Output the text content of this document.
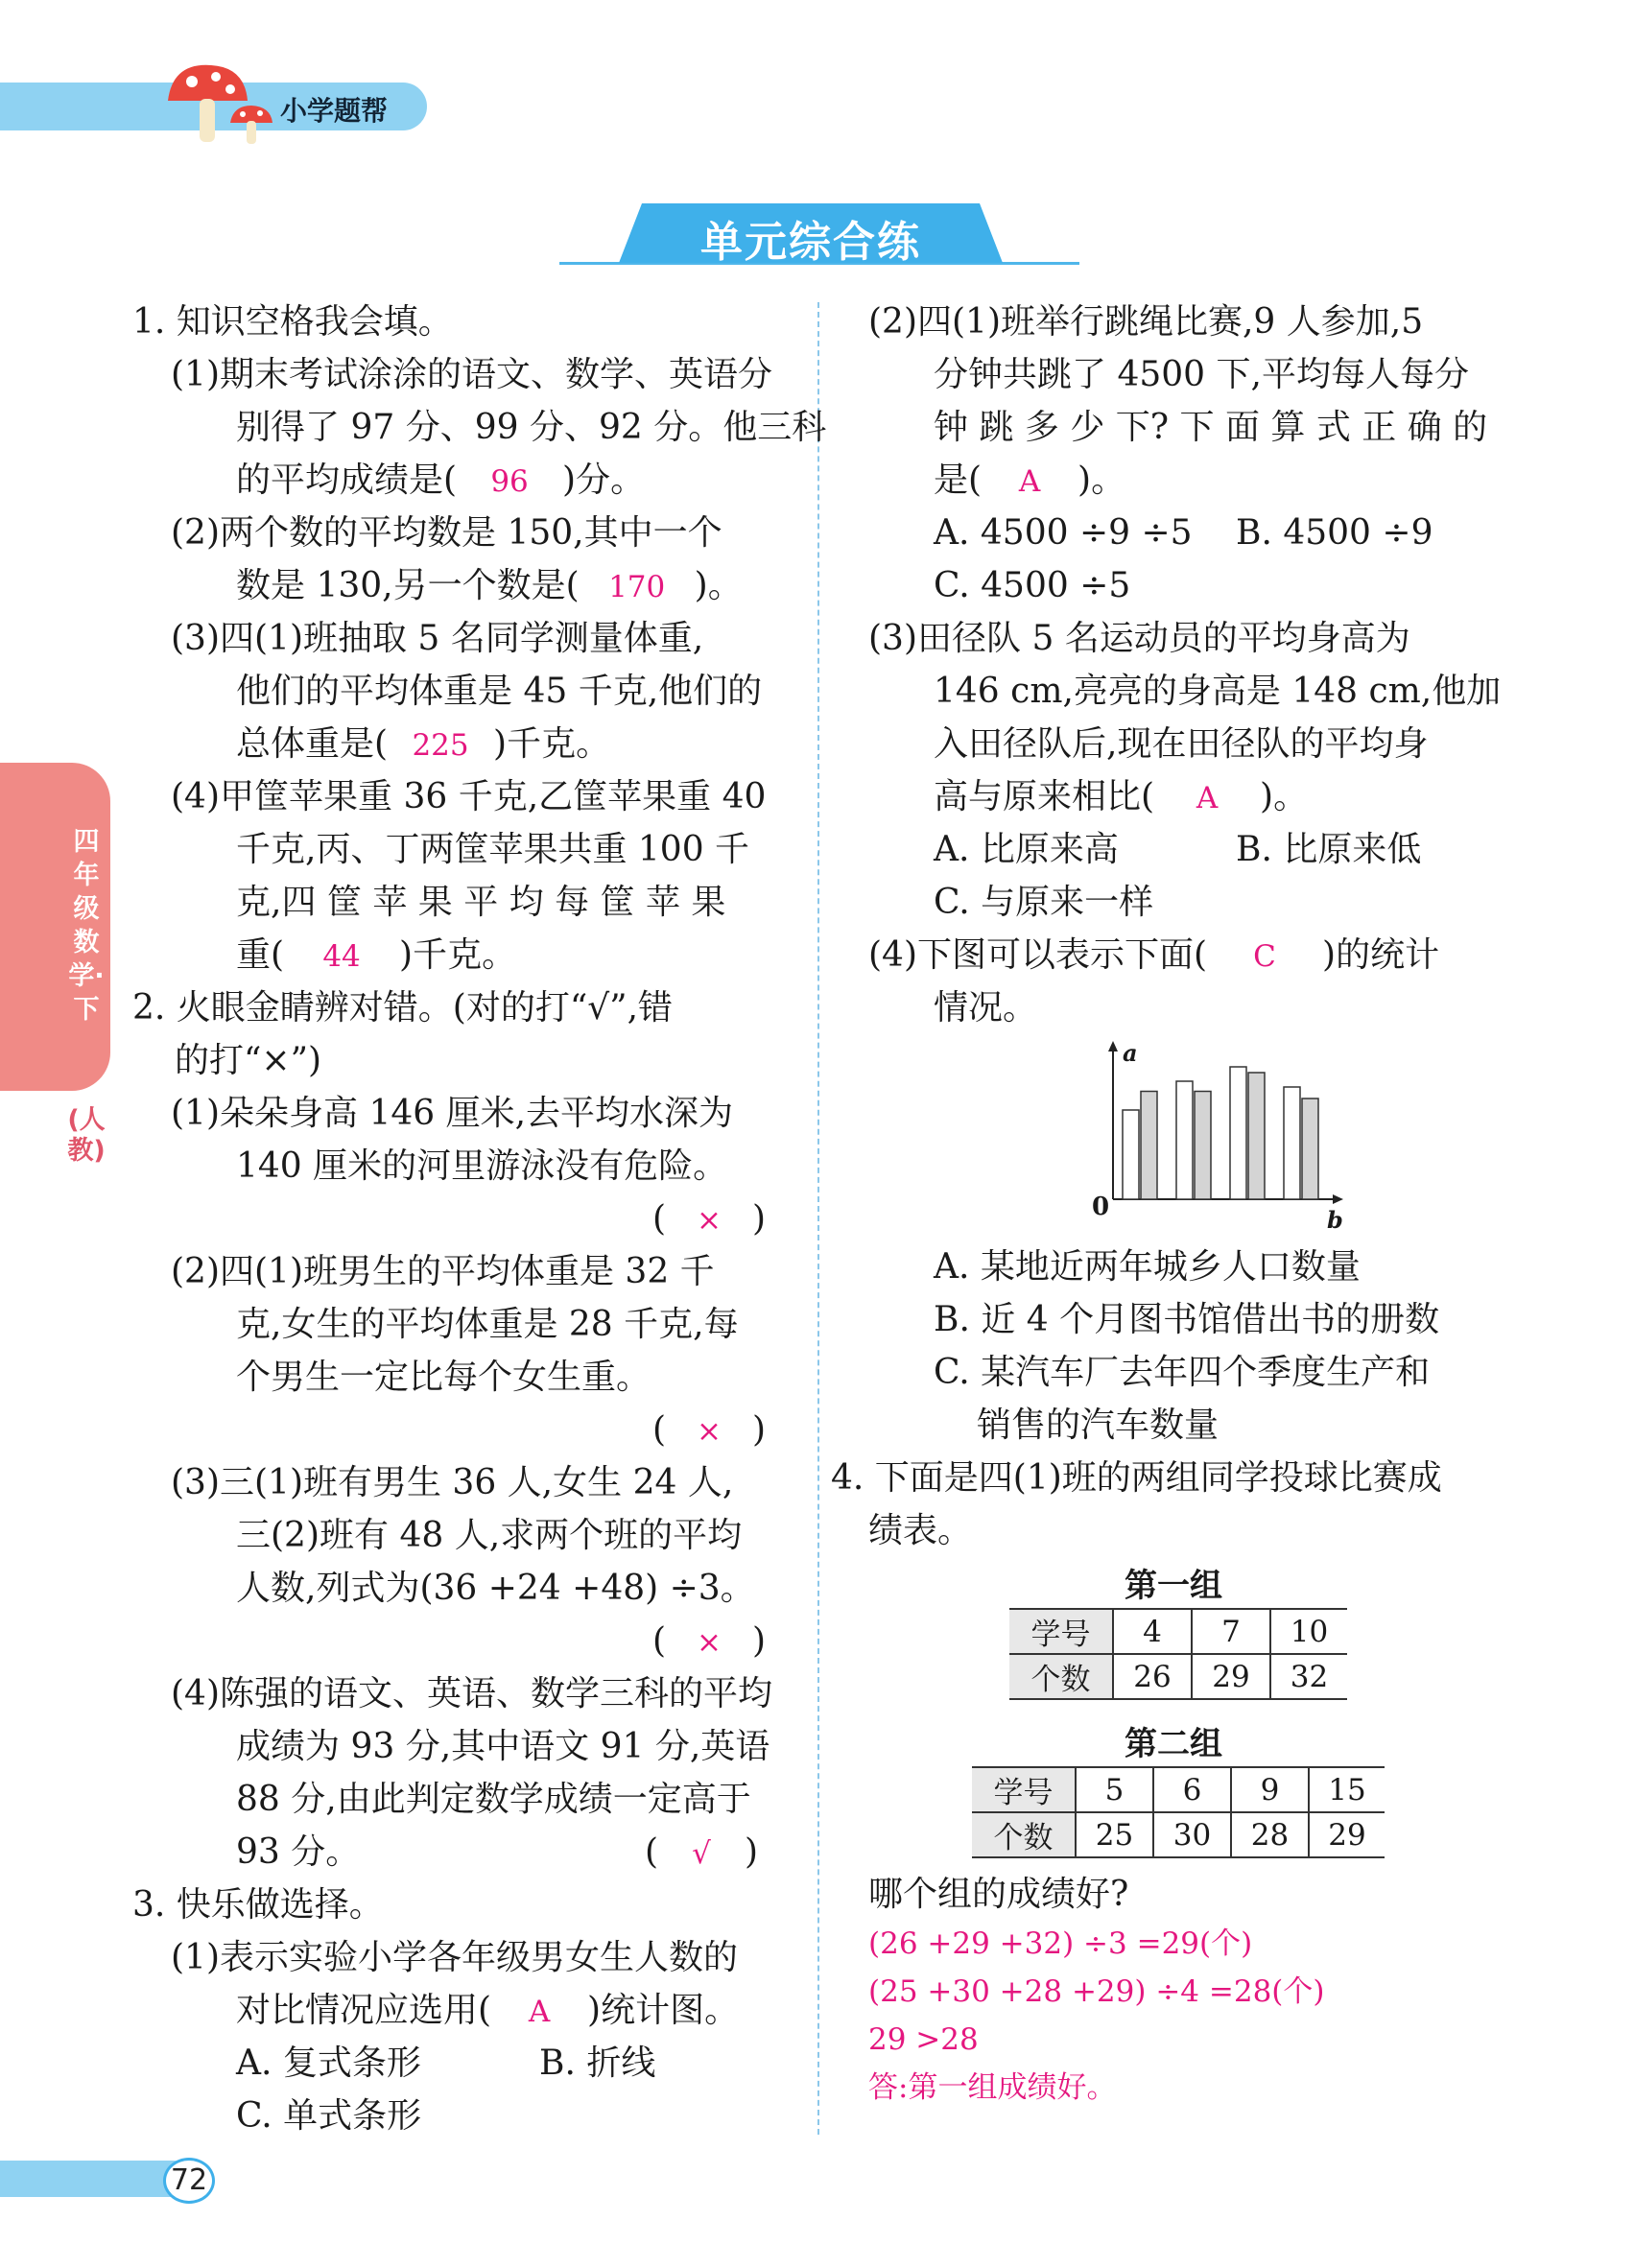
小学题帮
单元综合练
四年级数学·下
(人教)
1. 知识空格我会填。
(1)期末考试涂涂的语文、数学、英语分
别得了 97 分、99 分、92 分。他三科
的平均成绩是( 96 )分。
(2)两个数的平均数是 150,其中一个
数是 130,另一个数是( 170 )。
(3)四(1)班抽取 5 名同学测量体重,
他们的平均体重是 45 千克,他们的
总体重是( 225 )千克。
(4)甲筐苹果重 36 千克,乙筐苹果重 40
千克,丙、丁两筐苹果共重 100 千
克,四 筐 苹 果 平 均 每 筐 苹 果
重( 44 )千克。
2. 火眼金睛辨对错。(对的打“√”,错
的打“×”)
(1)朵朵身高 146 厘米,去平均水深为
140 厘米的河里游泳没有危险。
( × )
(2)四(1)班男生的平均体重是 32 千
克,女生的平均体重是 28 千克,每
个男生一定比每个女生重。
( × )
(3)三(1)班有男生 36 人,女生 24 人,
三(2)班有 48 人,求两个班的平均
人数,列式为(36 +24 +48) ÷3。
( × )
(4)陈强的语文、英语、数学三科的平均
成绩为 93 分,其中语文 91 分,英语
88 分,由此判定数学成绩一定高于
93 分。	( √ )
3. 快乐做选择。
(1)表示实验小学各年级男女生人数的
对比情况应选用( A )统计图。
A. 复式条形	B. 折线
C. 单式条形
(2)四(1)班举行跳绳比赛,9 人参加,5
分钟共跳了 4500 下,平均每人每分
钟 跳 多 少 下? 下 面 算 式 正 确 的
是( A )。
A. 4500 ÷9 ÷5 B. 4500 ÷9
C. 4500 ÷5
(3)田径队 5 名运动员的平均身高为
146 cm,亮亮的身高是 148 cm,他加
入田径队后,现在田径队的平均身
高与原来相比( A )。
A. 比原来高	B. 比原来低
C. 与原来一样
(4)下图可以表示下面( C )的统计
情况。
a
b
0
A. 某地近两年城乡人口数量
B. 近 4 个月图书馆借出书的册数
C. 某汽车厂去年四个季度生产和
销售的汽车数量
4. 下面是四(1)班的两组同学投球比赛成
绩表。
第一组
学号	4	7	10
个数	26	29	32
第二组
学号	5	6	9	15
个数	25	30	28	29
哪个组的成绩好?
(26 +29 +32) ÷3 =29(个)
(25 +30 +28 +29) ÷4 =28(个)
29 >28
答:第一组成绩好。
72
